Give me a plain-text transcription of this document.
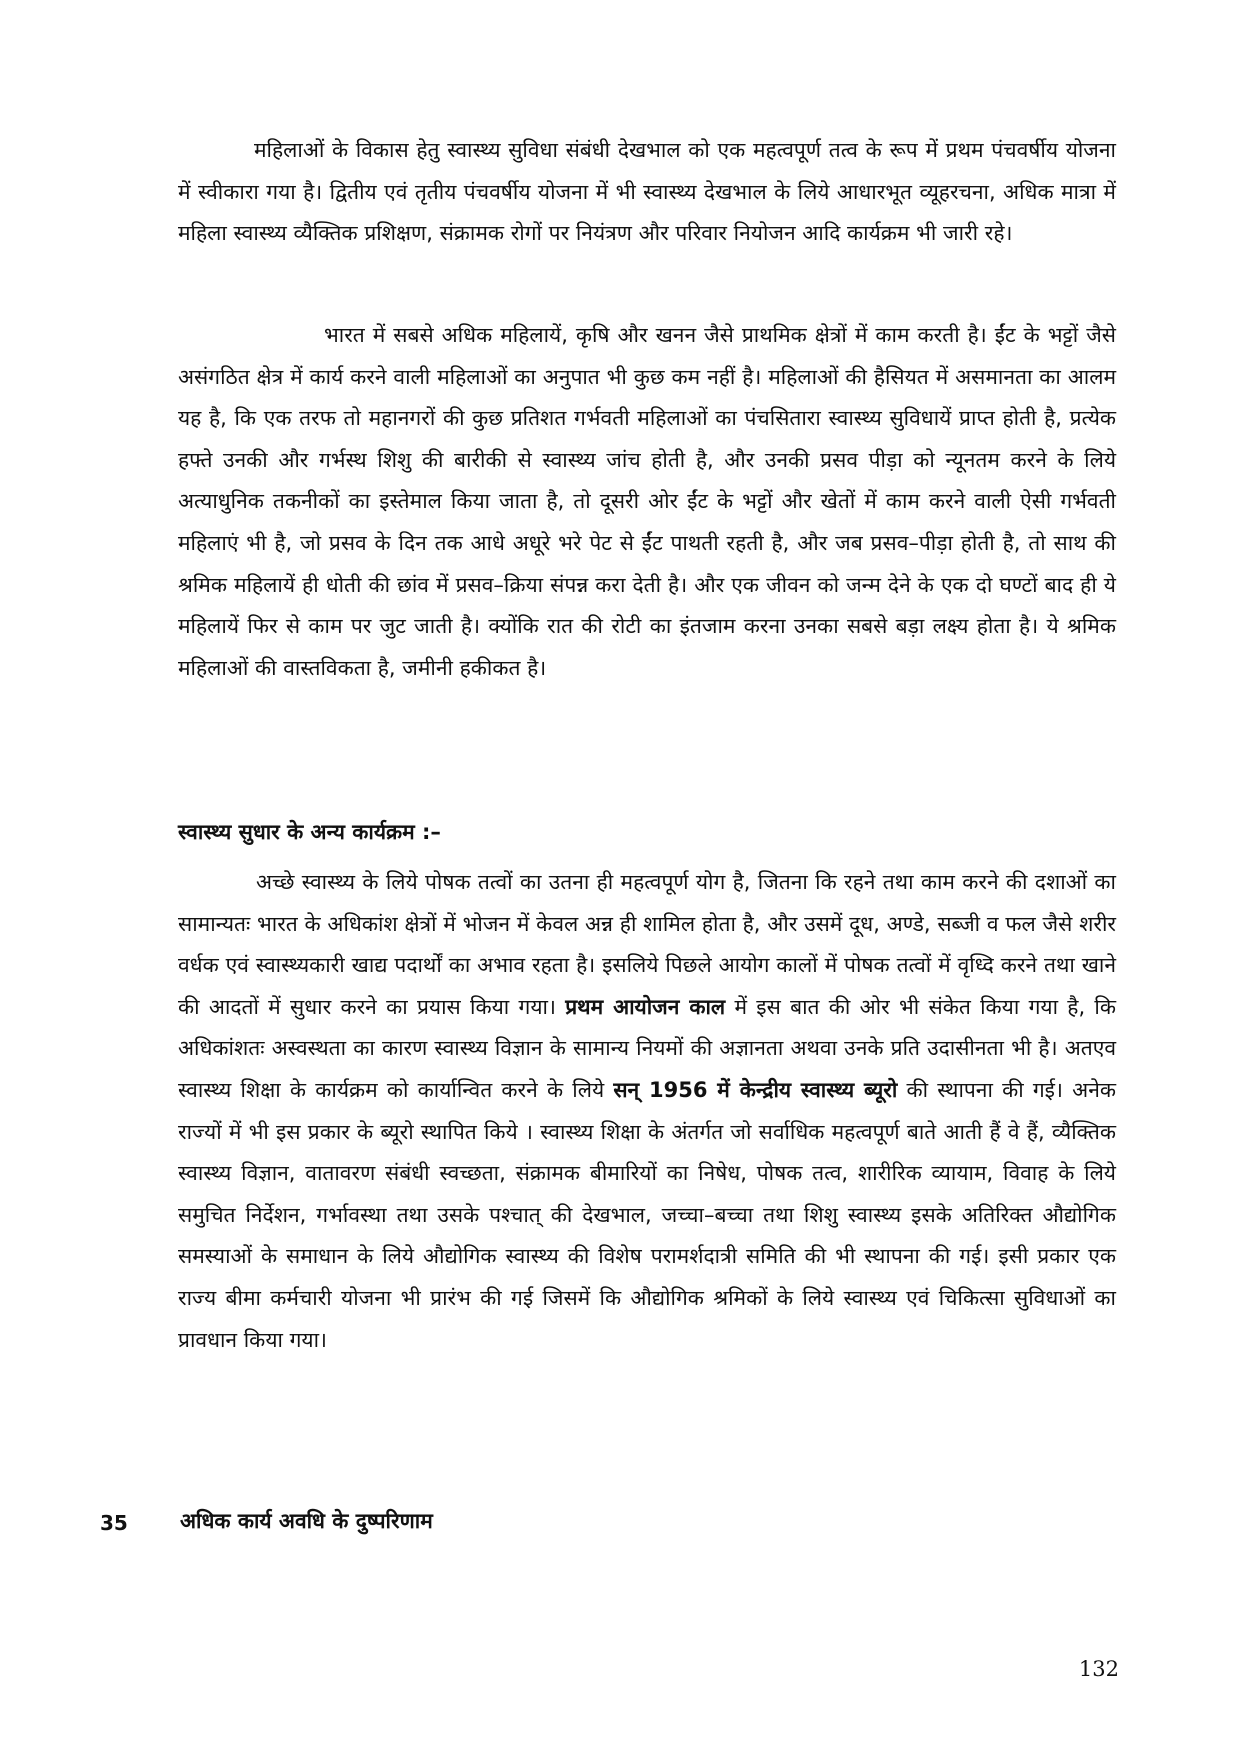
महिलाओं के विकास हेतु स्वास्थ्य सुविधा संबंधी देखभाल को एक महत्वपूर्ण तत्व के रूप में प्रथम पंचवर्षीय योजना में स्वीकारा गया है। द्वितीय एवं तृतीय पंचवर्षीय योजना में भी स्वास्थ्य देखभाल के लिये आधारभूत व्यूहरचना, अधिक मात्रा में महिला स्वास्थ्य व्यैक्तिक प्रशिक्षण, संक्रामक रोगों पर नियंत्रण और परिवार नियोजन आदि कार्यक्रम भी जारी रहे।

भारत में सबसे अधिक महिलायें, कृषि और खनन जैसे प्राथमिक क्षेत्रों में काम करती है। ईंट के भट्टों जैसे असंगठित क्षेत्र में कार्य करने वाली महिलाओं का अनुपात भी कुछ कम नहीं है। महिलाओं की हैसियत में असमानता का आलम यह है, कि एक तरफ तो महानगरों की कुछ प्रतिशत गर्भवती महिलाओं का पंचसितारा स्वास्थ्य सुविधायें प्राप्त होती है, प्रत्येक हफ्ते उनकी और गर्भस्थ शिशु की बारीकी से स्वास्थ्य जांच होती है, और उनकी प्रसव पीड़ा को न्यूनतम करने के लिये अत्याधुनिक तकनीकों का इस्तेमाल किया जाता है, तो दूसरी ओर ईंट के भट्टों और खेतों में काम करने वाली ऐसी गर्भवती महिलाएं भी है, जो प्रसव के दिन तक आधे अधूरे भरे पेट से ईंट पाथती रहती है, और जब प्रसव–पीड़ा होती है, तो साथ की श्रमिक महिलायें ही धोती की छांव में प्रसव–क्रिया संपन्न करा देती है। और एक जीवन को जन्म देने के एक दो घण्टों बाद ही ये महिलायें फिर से काम पर जुट जाती है। क्योंकि रात की रोटी का इंतजाम करना उनका सबसे बड़ा लक्ष्य होता है। ये श्रमिक महिलाओं की वास्तविकता है, जमीनी हकीकत है।

स्वास्थ्य सुधार के अन्य कार्यक्रम :–

अच्छे स्वास्थ्य के लिये पोषक तत्वों का उतना ही महत्वपूर्ण योग है, जितना कि रहने तथा काम करने की दशाओं का सामान्यतः भारत के अधिकांश क्षेत्रों में भोजन में केवल अन्न ही शामिल होता है, और उसमें दूध, अण्डे, सब्जी व फल जैसे शरीर वर्धक एवं स्वास्थ्यकारी खाद्य पदार्थों का अभाव रहता है। इसलिये पिछले आयोग कालों में पोषक तत्वों में वृध्दि करने तथा खाने की आदतों में सुधार करने का प्रयास किया गया। प्रथम आयोजन काल में इस बात की ओर भी संकेत किया गया है, कि अधिकांशतः अस्वस्थता का कारण स्वास्थ्य विज्ञान के सामान्य नियमों की अज्ञानता अथवा उनके प्रति उदासीनता भी है। अतएव स्वास्थ्य शिक्षा के कार्यक्रम को कार्यान्वित करने के लिये सन् 1956 में केन्द्रीय स्वास्थ्य ब्यूरो की स्थापना की गई। अनेक राज्यों में भी इस प्रकार के ब्यूरो स्थापित किये । स्वास्थ्य शिक्षा के अंतर्गत जो सर्वाधिक महत्वपूर्ण बाते आती हैं वे हैं, व्यैक्तिक स्वास्थ्य विज्ञान, वातावरण संबंधी स्वच्छता, संक्रामक बीमारियों का निषेध, पोषक तत्व, शारीरिक व्यायाम, विवाह के लिये समुचित निर्देशन, गर्भावस्था तथा उसके पश्चात् की देखभाल, जच्चा–बच्चा तथा शिशु स्वास्थ्य इसके अतिरिक्त औद्योगिक समस्याओं के समाधान के लिये औद्योगिक स्वास्थ्य की विशेष परामर्शदात्री समिति की भी स्थापना की गई। इसी प्रकार एक राज्य बीमा कर्मचारी योजना भी प्रारंभ की गई जिसमें कि औद्योगिक श्रमिकों के लिये स्वास्थ्य एवं चिकित्सा सुविधाओं का प्रावधान किया गया।

35 अधिक कार्य अवधि के दुष्परिणाम
132
